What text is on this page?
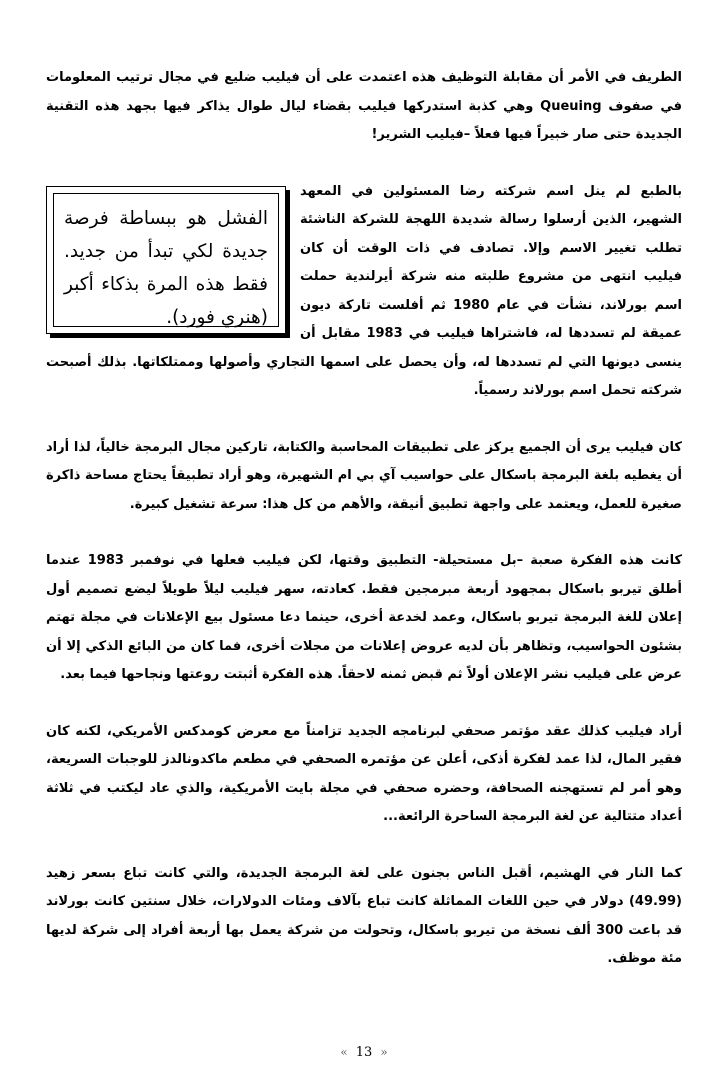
الطريف في الأمر أن مقابلة التوظيف هذه اعتمدت على أن فيليب ضليع في مجال ترتيب المعلومات في صفوف Queuing وهي كذبة استدركها فيليب بقضاء ليال طوال يذاكر فيها بجهد هذه التقنية الجديدة حتى صار خبيراً فيها فعلاً –فيليب الشرير!

الفشل هو ببساطة فرصة جديدة لكي تبدأ من جديد. فقط هذه المرة بذكاء أكبر (هنري فورد).

بالطبع لم ينل اسم شركته رضا المسئولين في المعهد الشهير، الذين أرسلوا رسالة شديدة اللهجة للشركة الناشئة تطلب تغيير الاسم وإلا. تصادف في ذات الوقت أن كان فيليب انتهى من مشروع طلبته منه شركة أيرلندية حملت اسم بورلاند، نشأت في عام 1980 ثم أفلست تاركة ديون عميقة لم تسددها له، فاشتراها فيليب في 1983 مقابل أن ينسى ديونها التي لم تسددها له، وأن يحصل على اسمها التجاري وأصولها وممتلكاتها. بذلك أصبحت شركته تحمل اسم بورلاند رسمياً.

كان فيليب يرى أن الجميع يركز على تطبيقات المحاسبة والكتابة، تاركين مجال البرمجة خالياً، لذا أراد أن يغطيه بلغة البرمجة باسكال على حواسيب آي بي ام الشهيرة، وهو أراد تطبيقاً يحتاج مساحة ذاكرة صغيرة للعمل، ويعتمد على واجهة تطبيق أنيقة، والأهم من كل هذا: سرعة تشغيل كبيرة.

كانت هذه الفكرة صعبة –بل مستحيلة- التطبيق وقتها، لكن فيليب فعلها في نوفمبر 1983 عندما أطلق تيربو باسكال بمجهود أربعة مبرمجين فقط. كعادته، سهر فيليب ليلاً طويلاً ليضع تصميم أول إعلان للغة البرمجة تيربو باسكال، وعمد لخدعة أخرى، حينما دعا مسئول بيع الإعلانات في مجلة تهتم بشئون الحواسيب، وتظاهر بأن لديه عروض إعلانات من مجلات أخرى، فما كان من البائع الذكي إلا أن عرض على فيليب نشر الإعلان أولاً ثم قبض ثمنه لاحقاً. هذه الفكرة أثبتت روعتها ونجاحها فيما بعد.

أراد فيليب كذلك عقد مؤتمر صحفي لبرنامجه الجديد تزامناً مع معرض كومدكس الأمريكي، لكنه كان فقير المال، لذا عمد لفكرة أذكى، أعلن عن مؤتمره الصحفي في مطعم ماكدونالدز للوجبات السريعة، وهو أمر لم تستهجنه الصحافة، وحضره صحفي في مجلة بايت الأمريكية، والذي عاد ليكتب في ثلاثة أعداد متتالية عن لغة البرمجة الساحرة الرائعة...

كما النار في الهشيم، أقبل الناس بجنون على لغة البرمجة الجديدة، والتي كانت تباع بسعر زهيد (49.99) دولار في حين اللغات المماثلة كانت تباع بآلاف ومئات الدولارات، خلال سنتين كانت بورلاند قد باعت 300 ألف نسخة من تيربو باسكال، وتحولت من شركة يعمل بها أربعة أفراد إلى شركة لديها مئة موظف.

« 13 »
